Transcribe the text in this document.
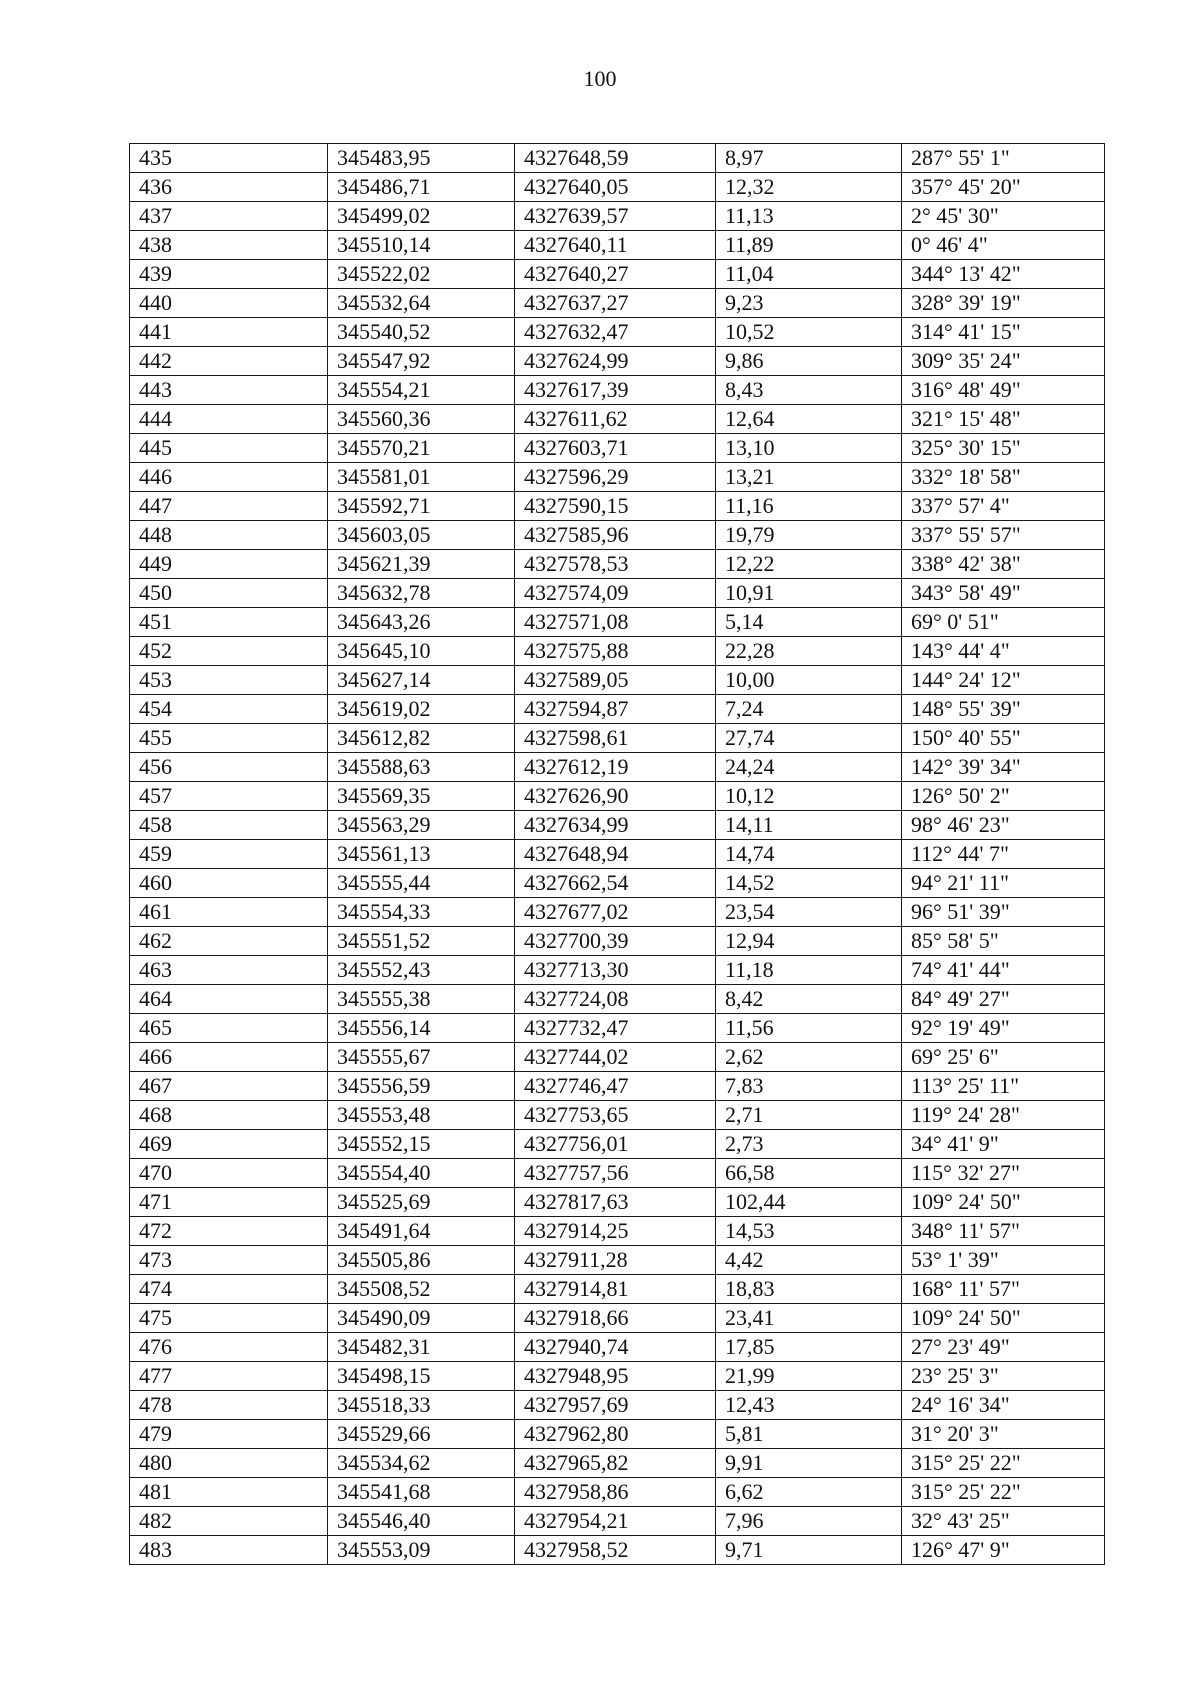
100
435	345483,95	4327648,59	8,97	287° 55' 1"
436	345486,71	4327640,05	12,32	357° 45' 20"
437	345499,02	4327639,57	11,13	2° 45' 30"
438	345510,14	4327640,11	11,89	0° 46' 4"
439	345522,02	4327640,27	11,04	344° 13' 42"
440	345532,64	4327637,27	9,23	328° 39' 19"
441	345540,52	4327632,47	10,52	314° 41' 15"
442	345547,92	4327624,99	9,86	309° 35' 24"
443	345554,21	4327617,39	8,43	316° 48' 49"
444	345560,36	4327611,62	12,64	321° 15' 48"
445	345570,21	4327603,71	13,10	325° 30' 15"
446	345581,01	4327596,29	13,21	332° 18' 58"
447	345592,71	4327590,15	11,16	337° 57' 4"
448	345603,05	4327585,96	19,79	337° 55' 57"
449	345621,39	4327578,53	12,22	338° 42' 38"
450	345632,78	4327574,09	10,91	343° 58' 49"
451	345643,26	4327571,08	5,14	69° 0' 51"
452	345645,10	4327575,88	22,28	143° 44' 4"
453	345627,14	4327589,05	10,00	144° 24' 12"
454	345619,02	4327594,87	7,24	148° 55' 39"
455	345612,82	4327598,61	27,74	150° 40' 55"
456	345588,63	4327612,19	24,24	142° 39' 34"
457	345569,35	4327626,90	10,12	126° 50' 2"
458	345563,29	4327634,99	14,11	98° 46' 23"
459	345561,13	4327648,94	14,74	112° 44' 7"
460	345555,44	4327662,54	14,52	94° 21' 11"
461	345554,33	4327677,02	23,54	96° 51' 39"
462	345551,52	4327700,39	12,94	85° 58' 5"
463	345552,43	4327713,30	11,18	74° 41' 44"
464	345555,38	4327724,08	8,42	84° 49' 27"
465	345556,14	4327732,47	11,56	92° 19' 49"
466	345555,67	4327744,02	2,62	69° 25' 6"
467	345556,59	4327746,47	7,83	113° 25' 11"
468	345553,48	4327753,65	2,71	119° 24' 28"
469	345552,15	4327756,01	2,73	34° 41' 9"
470	345554,40	4327757,56	66,58	115° 32' 27"
471	345525,69	4327817,63	102,44	109° 24' 50"
472	345491,64	4327914,25	14,53	348° 11' 57"
473	345505,86	4327911,28	4,42	53° 1' 39"
474	345508,52	4327914,81	18,83	168° 11' 57"
475	345490,09	4327918,66	23,41	109° 24' 50"
476	345482,31	4327940,74	17,85	27° 23' 49"
477	345498,15	4327948,95	21,99	23° 25' 3"
478	345518,33	4327957,69	12,43	24° 16' 34"
479	345529,66	4327962,80	5,81	31° 20' 3"
480	345534,62	4327965,82	9,91	315° 25' 22"
481	345541,68	4327958,86	6,62	315° 25' 22"
482	345546,40	4327954,21	7,96	32° 43' 25"
483	345553,09	4327958,52	9,71	126° 47' 9"
